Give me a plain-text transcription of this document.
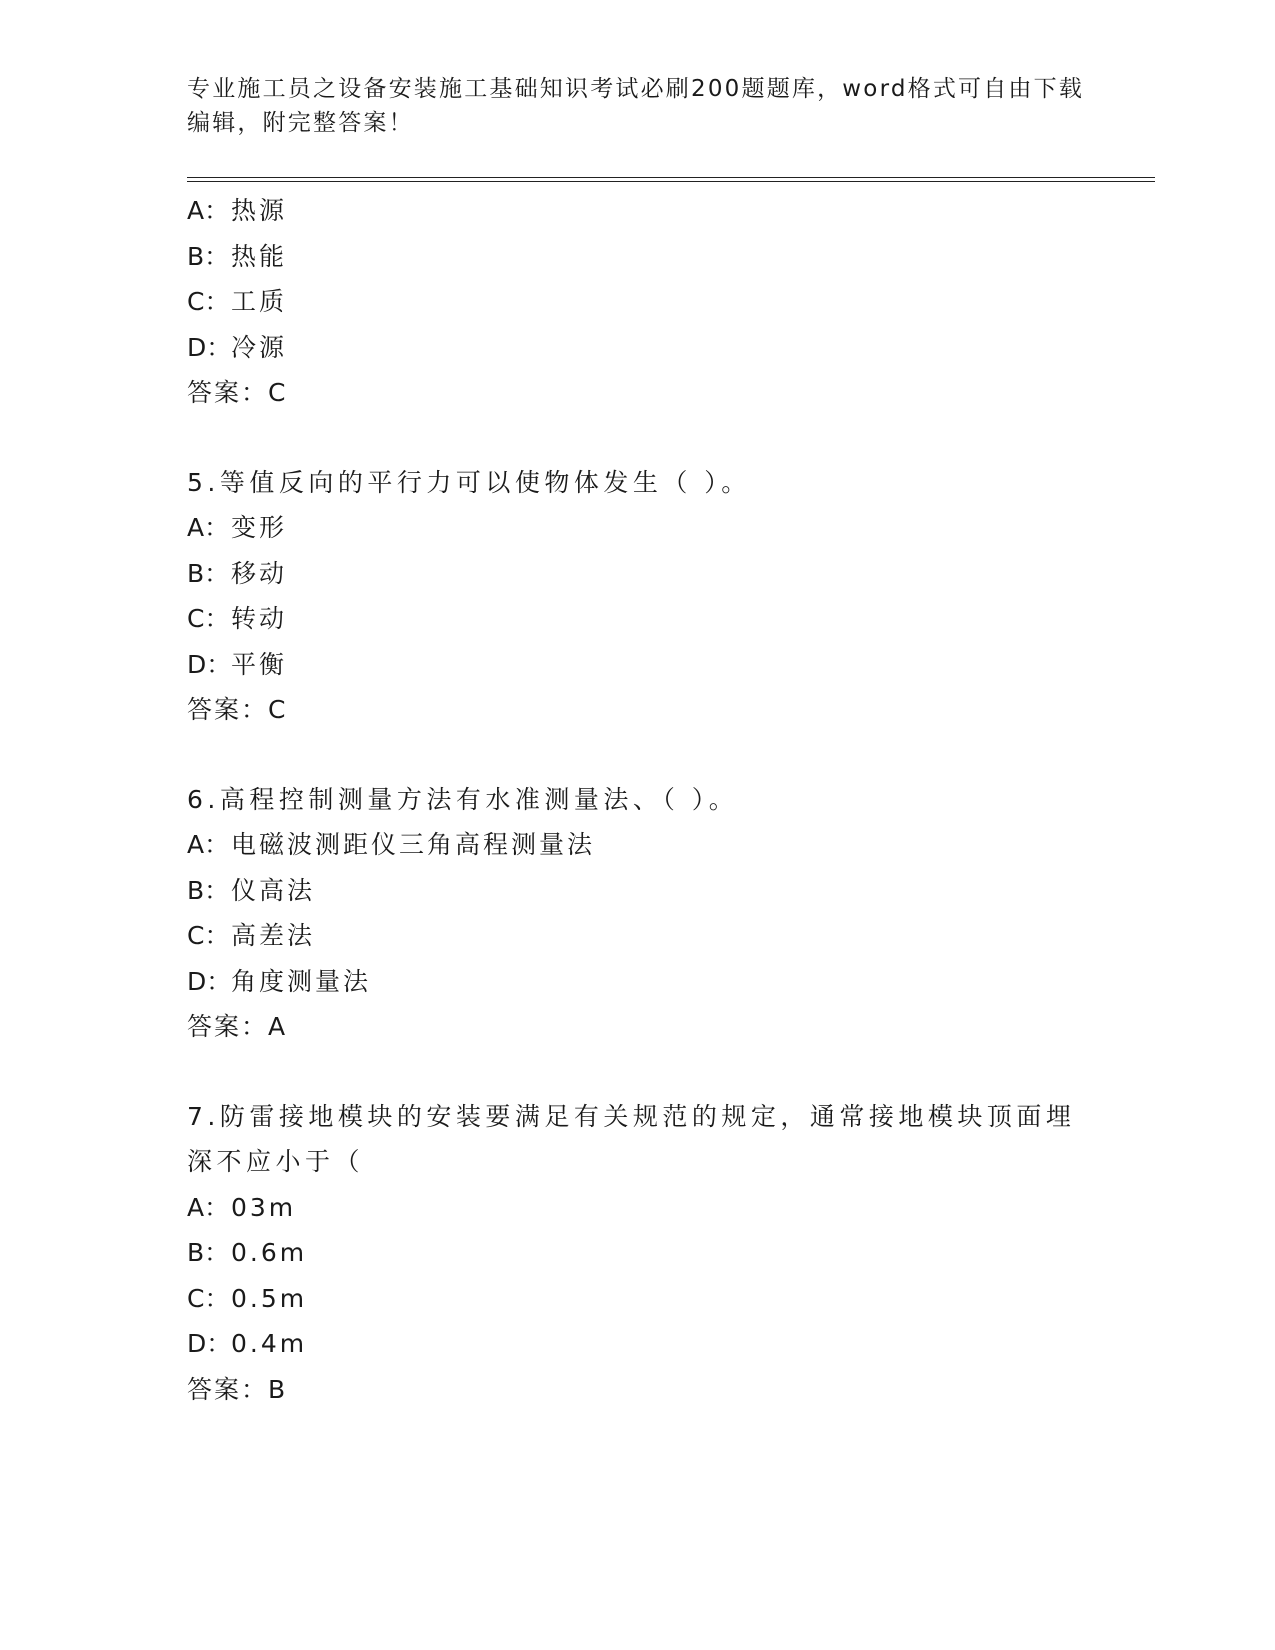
专业施工员之设备安装施工基础知识考试必刷200题题库，word格式可自由下载
编辑，附完整答案！
A：热源
B：热能
C：工质
D：冷源
答案：C
5.等值反向的平行力可以使物体发生（ ）。
A：变形
B：移动
C：转动
D：平衡
答案：C
6.高程控制测量方法有水准测量法、（ ）。
A：电磁波测距仪三角高程测量法
B：仪高法
C：高差法
D：角度测量法
答案：A
7.防雷接地模块的安装要满足有关规范的规定，通常接地模块顶面埋
深不应小于（
A：03m
B：0.6m
C：0.5m
D：0.4m
答案：B
